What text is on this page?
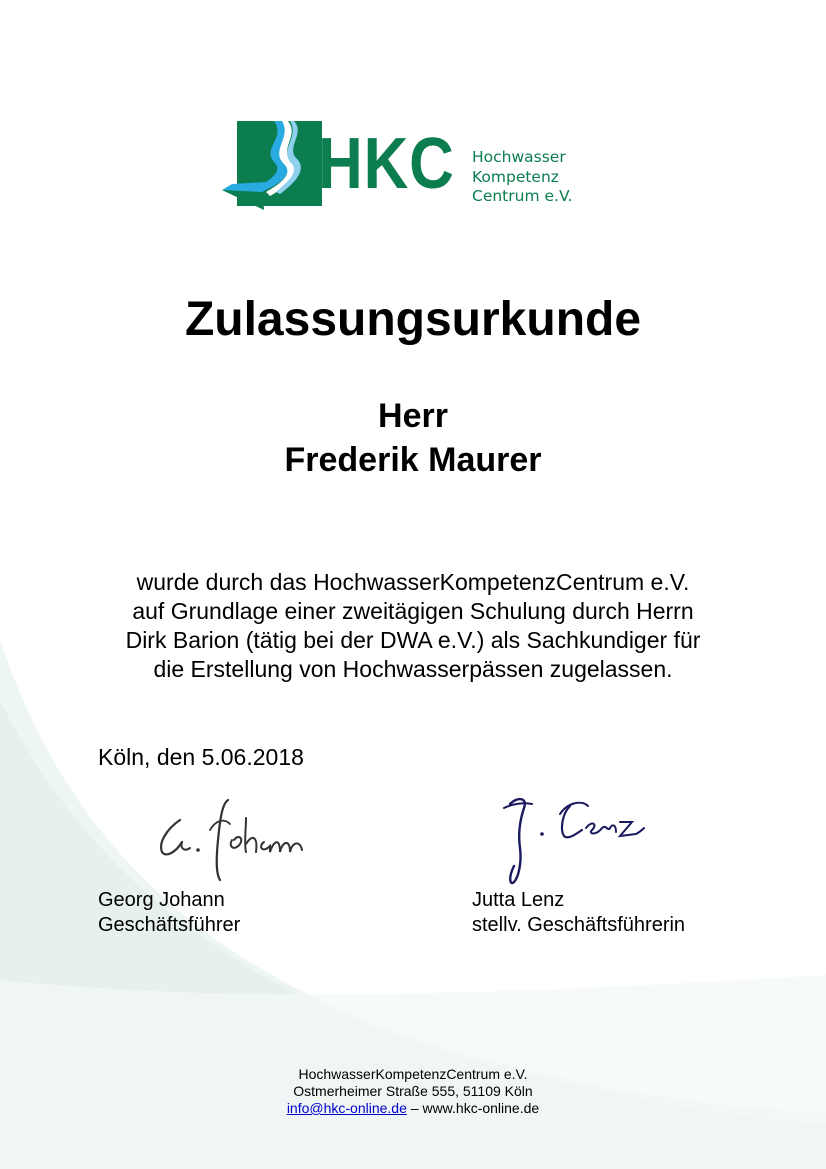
HKC Hochwasser
Kompetenz
Centrum e.V.
Zulassungsurkunde
Herr
Frederik Maurer
wurde durch das HochwasserKompetenzCentrum e.V.
auf Grundlage einer zweitägigen Schulung durch Herrn
Dirk Barion (tätig bei der DWA e.V.) als Sachkundiger für
die Erstellung von Hochwasserpässen zugelassen.
Köln, den 5.06.2018
Georg Johann
Geschäftsführer
Jutta Lenz
stellv. Geschäftsführerin
HochwasserKompetenzCentrum e.V.
Ostmerheimer Straße 555, 51109 Köln
info@hkc-online.de – www.hkc-online.de
